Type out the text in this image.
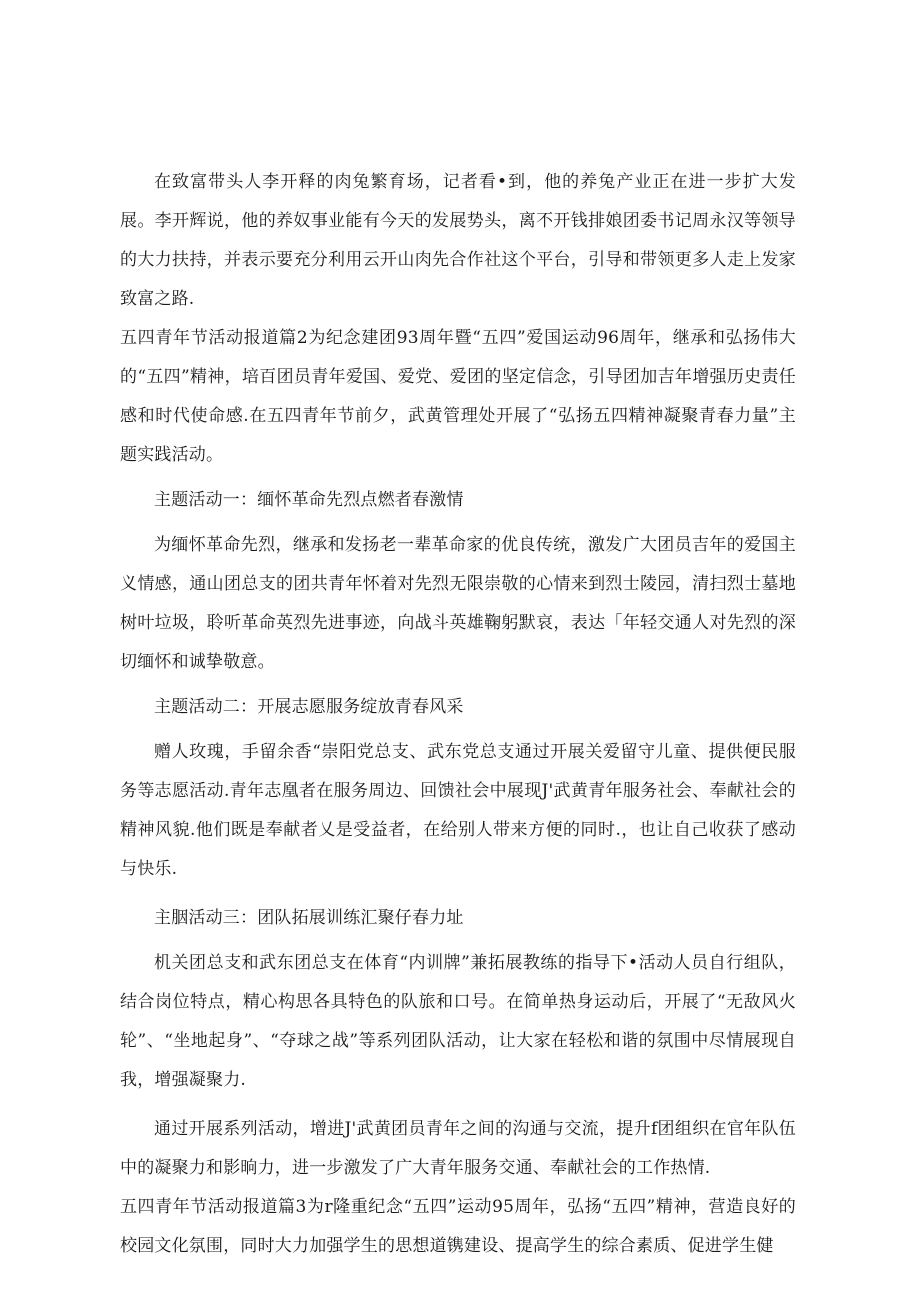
在致富带头人李开释的肉兔繁育场，记者看•到，他的养兔产业正在进一步扩大发展。李开辉说，他的养奴事业能有今天的发展势头，离不开钱排娘团委书记周永汉等领导的大力扶持，并表示要充分利用云开山肉先合作社这个平台，引导和带领更多人走上发家致富之路.

五四青年节活动报道篇2为纪念建团93周年暨“五四”爱国运动96周年，继承和弘扬伟大的“五四”精神，培百团员青年爱国、爱党、爱团的坚定信念，引导团加吉年增强历史责任感和时代使命感.在五四青年节前夕，武黄管理处开展了“弘扬五四精神凝聚青春力量”主题实践活动。

主题活动一：缅怀革命先烈点燃者春激情

为缅怀革命先烈，继承和发扬老一辈革命家的优良传统，激发广大团员吉年的爱国主义情感，通山团总支的团共青年怀着对先烈无限崇敬的心情来到烈士陵园，清扫烈士墓地树叶垃圾，聆听革命英烈先进事迹，向战斗英雄鞠躬默哀，表达「年轻交通人对先烈的深切缅怀和诚挚敬意。

主题活动二：开展志愿服务绽放青春风采

赠人玫瑰，手留余香“崇阳党总支、武东党总支通过开展关爱留守儿童、提供便民服务等志愿活动.青年志凰者在服务周边、回馈社会中展现J'武黄青年服务社会、奉献社会的精神风貌.他们既是奉献者乂是受益者，在给别人带来方便的同时.，也让自己收获了感动与快乐.

主胭活动三：团队拓展训练汇聚仔春力址

机关团总支和武东团总支在体育“内训牌”兼拓展教练的指导下•活动人员自行组队，结合岗位特点，精心构思各具特色的队旅和口号。在简单热身运动后，开展了“无敌风火轮”、“坐地起身”、“夺球之战”等系列团队活动，让大家在轻松和谐的氛围中尽情展现自我，增强凝聚力.

通过开展系列活动，增进J'武黄团员青年之间的沟通与交流，提升f团组织在官年队伍中的凝聚力和影晌力，进一步激发了广大青年服务交通、奉献社会的工作热情.

五四青年节活动报道篇3为r隆重纪念“五四”运动95周年，弘扬“五四”精神，营造良好的校园文化氛围，同时大力加强学生的思想道镌建设、提高学生的综合素质、促进学生健
